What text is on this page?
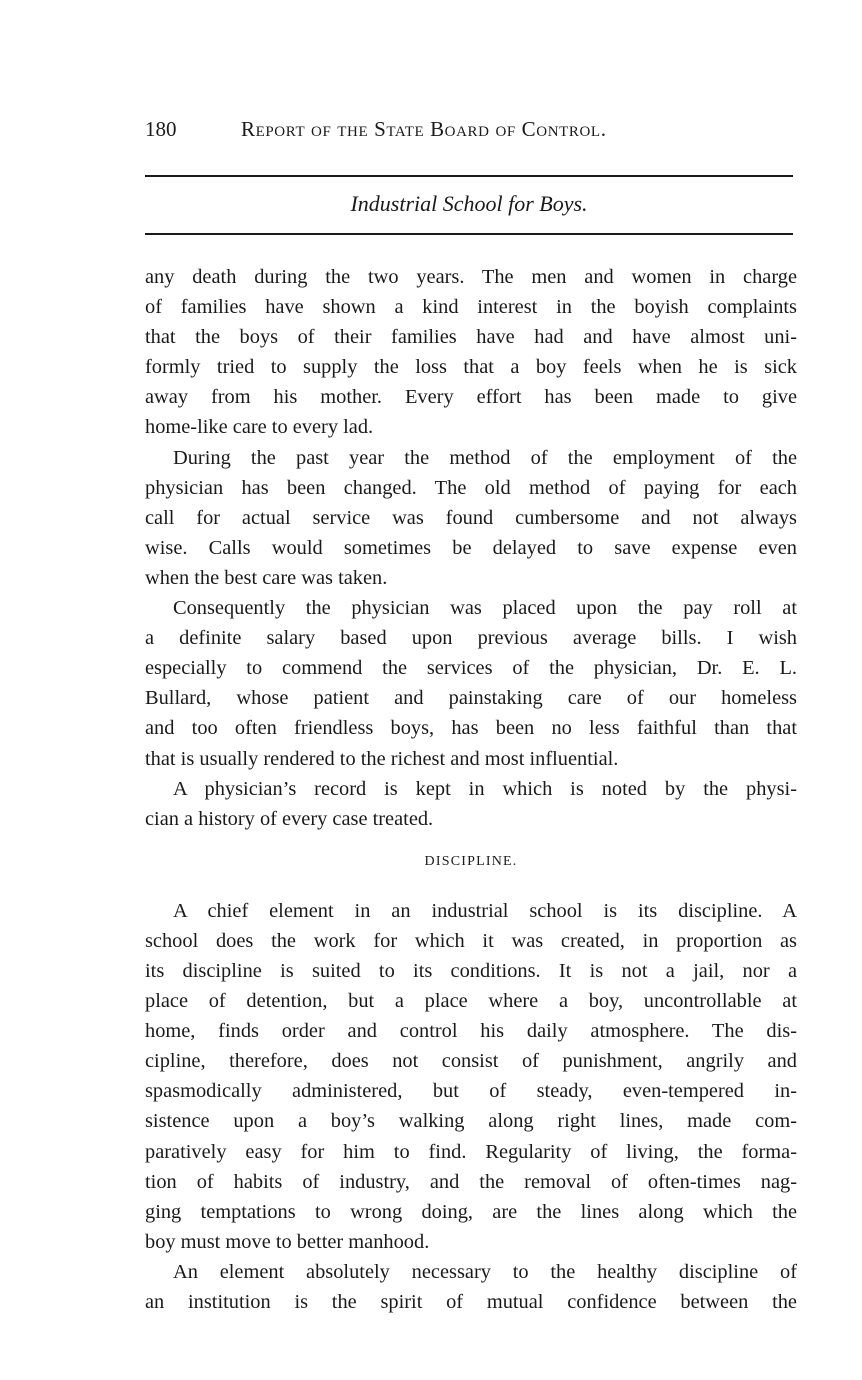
180	Report of the State Board of Control.
Industrial School for Boys.

any death during the two years. The men and women in charge
of families have shown a kind interest in the boyish complaints
that the boys of their families have had and have almost uni-
formly tried to supply the loss that a boy feels when he is sick
away from his mother. Every effort has been made to give
home-like care to every lad.

During the past year the method of the employment of the
physician has been changed. The old method of paying for each
call for actual service was found cumbersome and not always
wise. Calls would sometimes be delayed to save expense even
when the best care was taken.

Consequently the physician was placed upon the pay roll at
a definite salary based upon previous average bills. I wish
especially to commend the services of the physician, Dr. E. L.
Bullard, whose patient and painstaking care of our homeless
and too often friendless boys, has been no less faithful than that
that is usually rendered to the richest and most influential.

A physician’s record is kept in which is noted by the physi-
cian a history of every case treated.

DISCIPLINE.

A chief element in an industrial school is its discipline. A
school does the work for which it was created, in proportion as
its discipline is suited to its conditions. It is not a jail, nor a
place of detention, but a place where a boy, uncontrollable at
home, finds order and control his daily atmosphere. The dis-
cipline, therefore, does not consist of punishment, angrily and
spasmodically administered, but of steady, even-tempered in-
sistence upon a boy’s walking along right lines, made com-
paratively easy for him to find. Regularity of living, the forma-
tion of habits of industry, and the removal of often-times nag-
ging temptations to wrong doing, are the lines along which the
boy must move to better manhood.

An element absolutely necessary to the healthy discipline of
an institution is the spirit of mutual confidence between the
